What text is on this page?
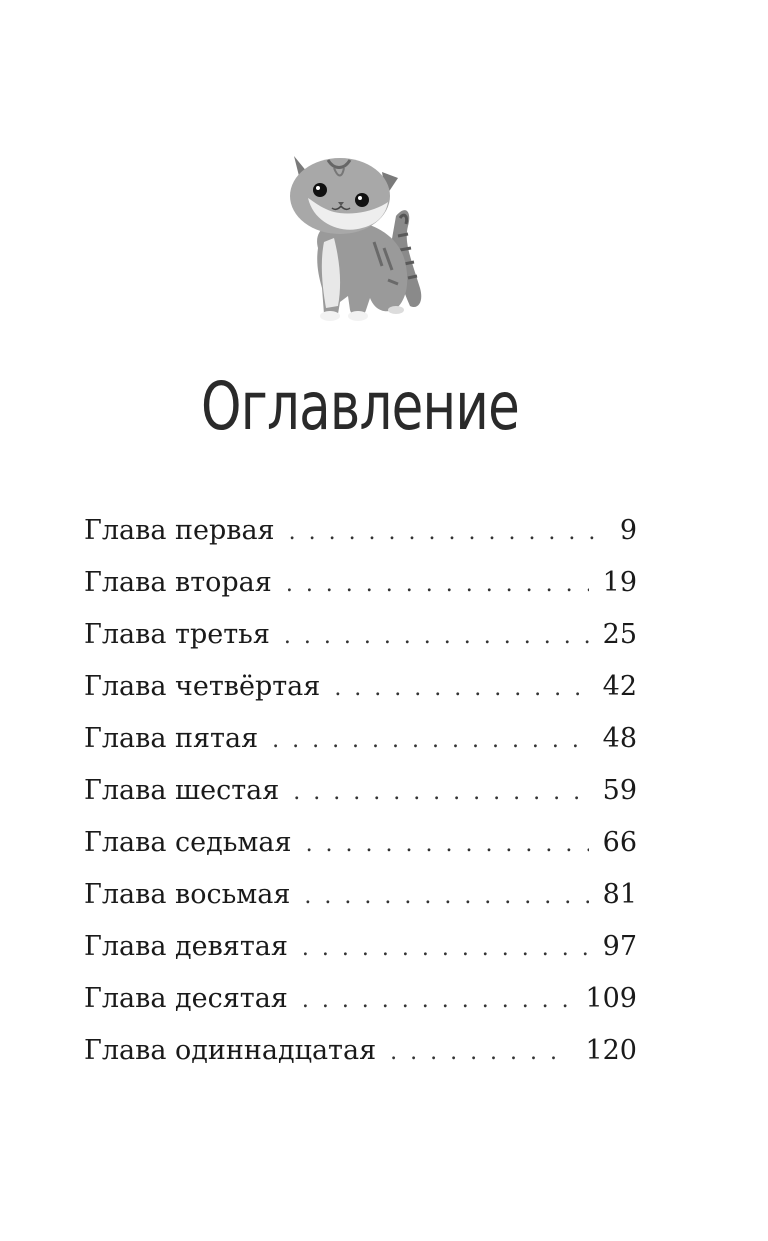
Оглавление
Глава первая . . .	9
Глава вторая . . .	19
Глава третья . . .	25
Глава четвёртая . . .	42
Глава пятая . . .	48
Глава шестая . . .	59
Глава седьмая . . .	66
Глава восьмая . . .	81
Глава девятая . . .	97
Глава десятая . . .	109
Глава одиннадцатая . . .	120
